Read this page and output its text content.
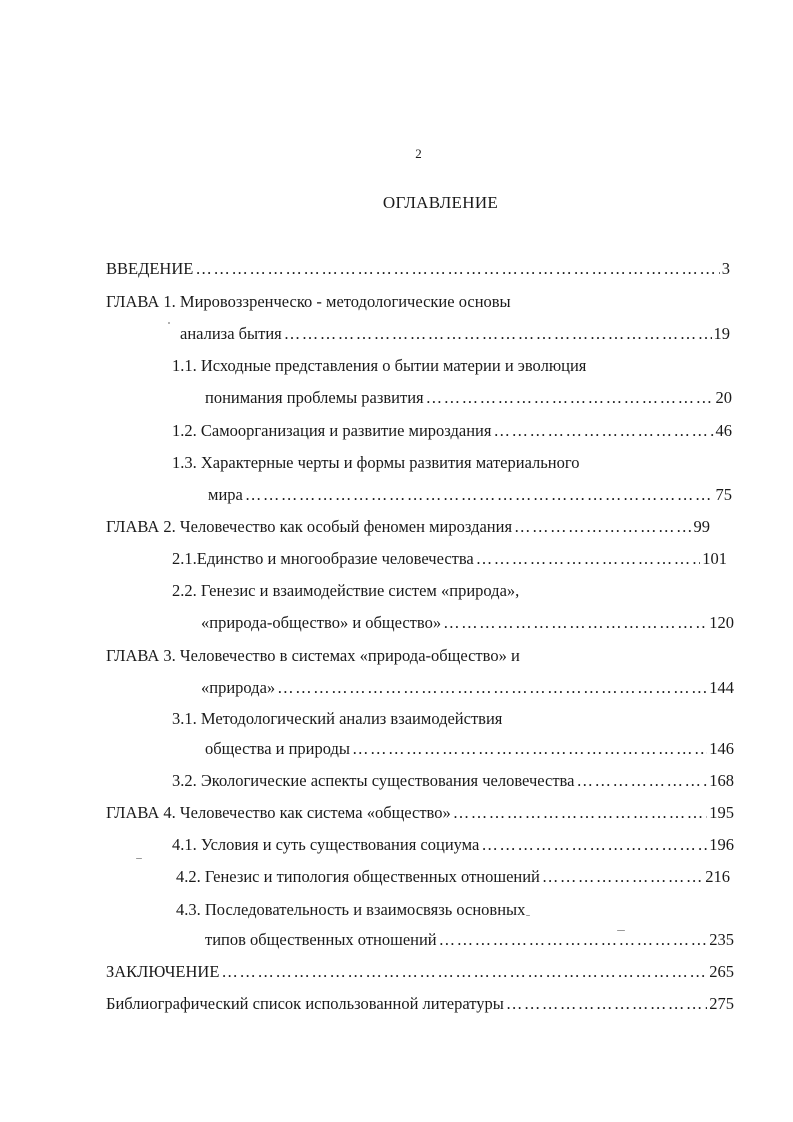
2
ОГЛАВЛЕНИЕ
ВВЕДЕНИЕ ……………………………………………………………………………………………………………………………………………………………………	3
ГЛАВА 1. Мировоззренческо - методологические основы
анализа бытия ……………………………………………………………………………………………………………………………………………………………………	19
1.1. Исходные представления о бытии материи и эволюция
понимания проблемы развития ……………………………………………………………………………………………………………………………………………………………………	20
1.2. Самоорганизация и развитие мироздания ……………………………………………………………………………………………………………………………………………………………………	46
1.3. Характерные черты и формы развития материального
мира ……………………………………………………………………………………………………………………………………………………………………	75
ГЛАВА 2. Человечество как особый феномен мироздания ……………………………………………………………………………………………………………………………………………………………………	99
2.1.Единство и многообразие человечества ……………………………………………………………………………………………………………………………………………………………………	101
2.2. Генезис и взаимодействие систем «природа»,
«природа-общество» и общество» ……………………………………………………………………………………………………………………………………………………………………	120
ГЛАВА 3. Человечество в системах «природа-общество» и
«природа» ……………………………………………………………………………………………………………………………………………………………………	144
3.1. Методологический анализ взаимодействия
общества и природы ……………………………………………………………………………………………………………………………………………………………………	146
3.2. Экологические аспекты существования человечества ……………………………………………………………………………………………………………………………………………………………………	168
ГЛАВА 4. Человечество как система «общество» ……………………………………………………………………………………………………………………………………………………………………	195
4.1. Условия и суть существования социума ……………………………………………………………………………………………………………………………………………………………………	196
4.2. Генезис и типология общественных отношений ……………………………………………………………………………………………………………………………………………………………………	216
4.3. Последовательность и взаимосвязь основных
типов общественных отношений ……………………………………………………………………………………………………………………………………………………………………	235
ЗАКЛЮЧЕНИЕ ……………………………………………………………………………………………………………………………………………………………………	265
Библиографический список использованной литературы ……………………………………………………………………………………………………………………………………………………………………	275
